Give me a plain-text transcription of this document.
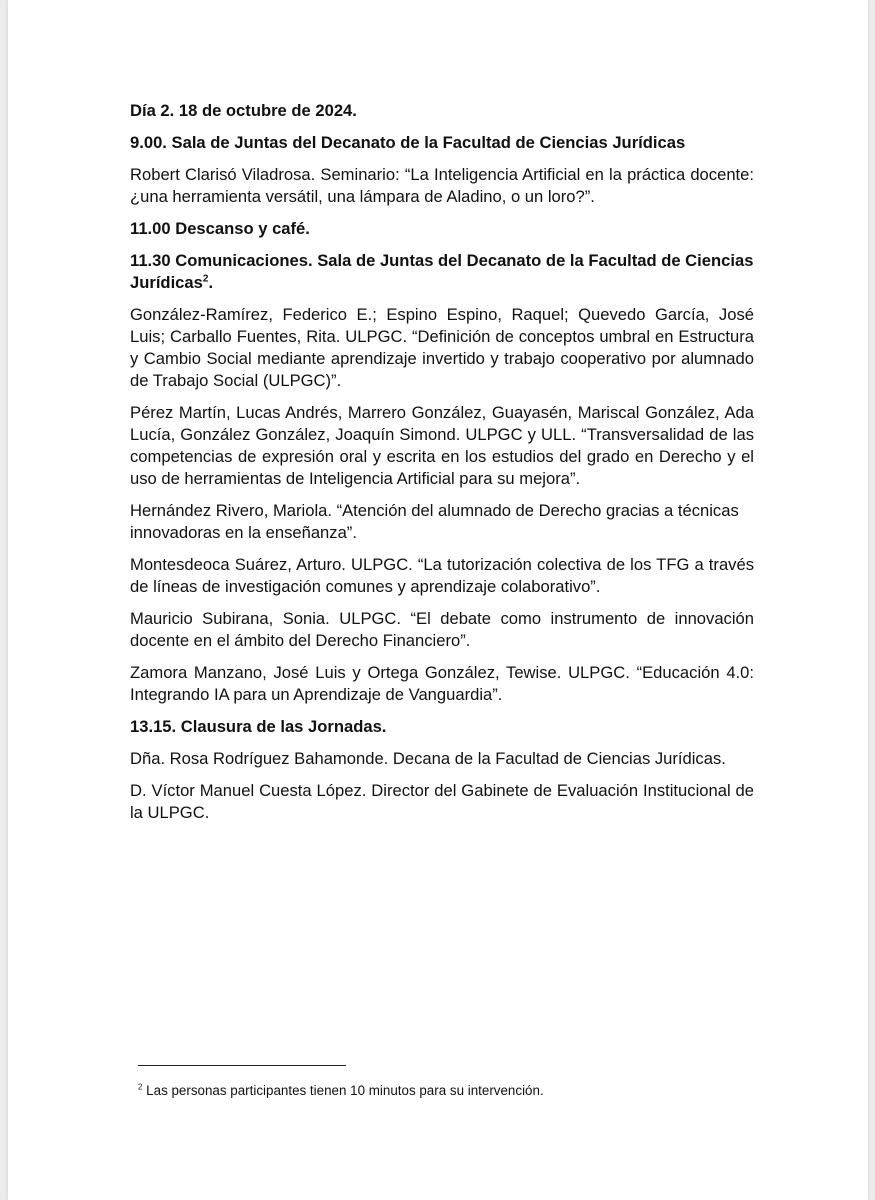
Día 2. 18 de octubre de 2024.

9.00. Sala de Juntas del Decanato de la Facultad de Ciencias Jurídicas

Robert Clarisó Viladrosa. Seminario: “La Inteligencia Artificial en la práctica docente: ¿una herramienta versátil, una lámpara de Aladino, o un loro?”.

11.00 Descanso y café.

11.30 Comunicaciones. Sala de Juntas del Decanato de la Facultad de Ciencias Jurídicas$^2$.

González-Ramírez, Federico E.; Espino Espino, Raquel; Quevedo García, José Luis; Carballo Fuentes, Rita. ULPGC. “Definición de conceptos umbral en Estructura y Cambio Social mediante aprendizaje invertido y trabajo cooperativo por alumnado de Trabajo Social (ULPGC)”.

Pérez Martín, Lucas Andrés, Marrero González, Guayasén, Mariscal González, Ada Lucía, González González, Joaquín Simond. ULPGC y ULL. “Transversalidad de las competencias de expresión oral y escrita en los estudios del grado en Derecho y el uso de herramientas de Inteligencia Artificial para su mejora”.

Hernández Rivero, Mariola. “Atención del alumnado de Derecho gracias a técnicas innovadoras en la enseñanza”.

Montesdeoca Suárez, Arturo. ULPGC. “La tutorización colectiva de los TFG a través de líneas de investigación comunes y aprendizaje colaborativo”.

Mauricio Subirana, Sonia. ULPGC. “El debate como instrumento de innovación docente en el ámbito del Derecho Financiero”.

Zamora Manzano, José Luis y Ortega González, Tewise. ULPGC. “Educación 4.0: Integrando IA para un Aprendizaje de Vanguardia”.

13.15. Clausura de las Jornadas.

Dña. Rosa Rodríguez Bahamonde. Decana de la Facultad de Ciencias Jurídicas.

D. Víctor Manuel Cuesta López. Director del Gabinete de Evaluación Institucional de la ULPGC.

$^2$ Las personas participantes tienen 10 minutos para su intervención.
